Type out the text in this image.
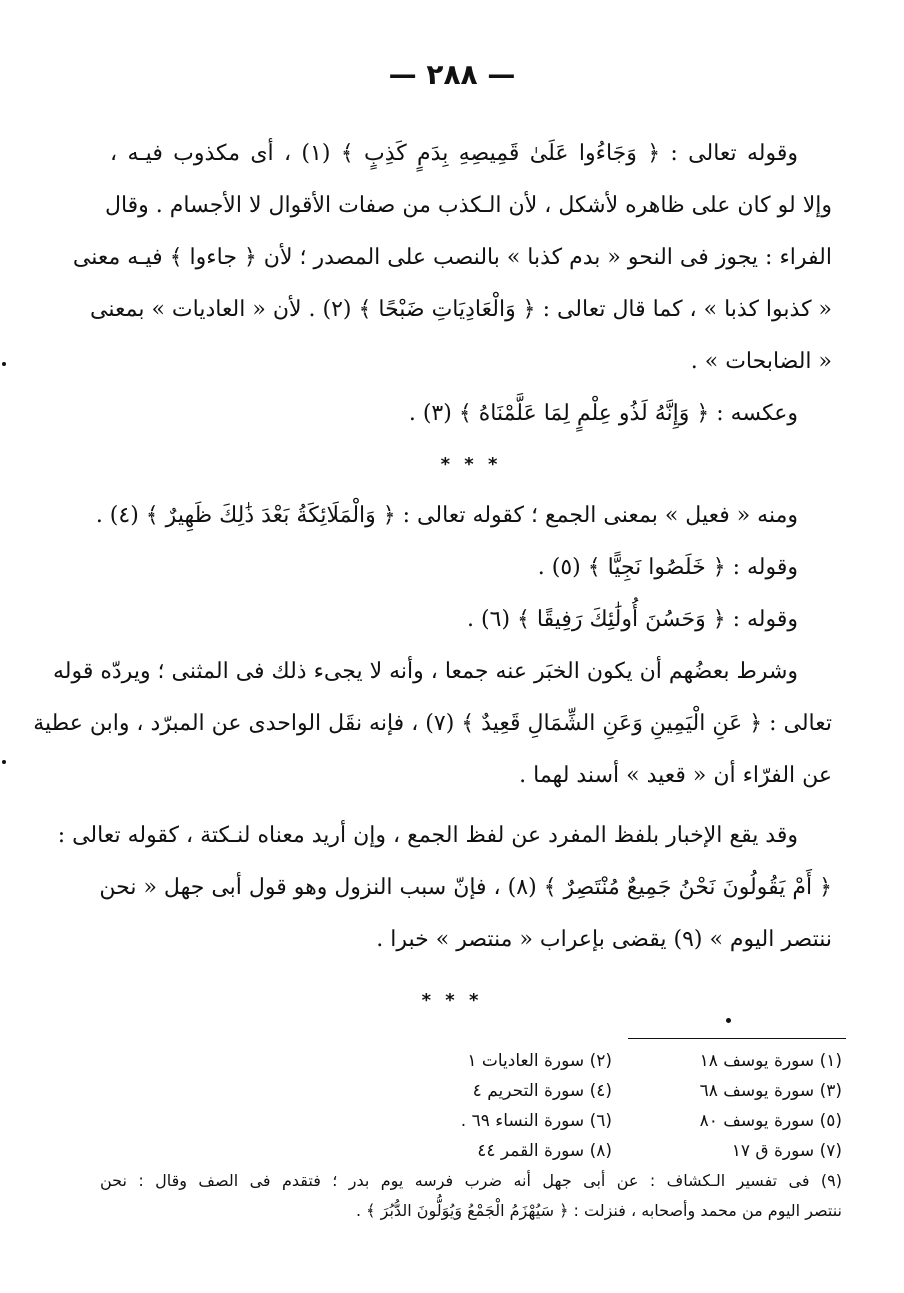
— ٢٨٨ —
وقوله تعالى : ﴿ وَجَاءُوا عَلَىٰ قَمِيصِهِ بِدَمٍ كَذِبٍ ﴾ (١) ، أى مكذوب فيـه ،
وإلا لو كان على ظاهره لأشكل ، لأن الـكذب من صفات الأقوال لا الأجسام . وقال
الفراء : يجوز فى النحو « بدم كذبا » بالنصب على المصدر ؛ لأن ﴿ جاءوا ﴾ فيـه معنى
« كذبوا كذبا » ، كما قال تعالى : ﴿ وَالْعَادِيَاتِ ضَبْحًا ﴾ (٢) . لأن « العاديات » بمعنى
« الضابحات » .
وعكسه : ﴿ وَإِنَّهُ لَذُو عِلْمٍ لِمَا عَلَّمْنَاهُ ﴾ (٣) .
* * *
ومنه « فعيل » بمعنى الجمع ؛ كقوله تعالى : ﴿ وَالْمَلَائِكَةُ بَعْدَ ذَٰلِكَ ظَهِيرٌ ﴾ (٤) .
وقوله : ﴿ خَلَصُوا نَجِيًّا ﴾ (٥) .
وقوله : ﴿ وَحَسُنَ أُولَٰئِكَ رَفِيقًا ﴾ (٦) .
وشرط بعضُهم أن يكون الخبَر عنه جمعا ، وأنه لا يجىء ذلك فى المثنى ؛ ويردّه قوله
تعالى : ﴿ عَنِ الْيَمِينِ وَعَنِ الشِّمَالِ قَعِيدٌ ﴾ (٧) ، فإنه نقَل الواحدى عن المبرّد ، وابن عطية
عن الفرّاء أن « قعيد » أسند لهما .
وقد يقع الإخبار بلفظ المفرد عن لفظ الجمع ، وإن أريد معناه لنـكتة ، كقوله تعالى :
﴿ أَمْ يَقُولُونَ نَحْنُ جَمِيعٌ مُنْتَصِرٌ ﴾ (٨) ، فإنّ سبب النزول وهو قول أبى جهل « نحن
ننتصر اليوم » (٩) يقضى بإعراب « منتصر » خبرا .
* * *
(١) سورة يوسف ١٨
(٢) سورة العاديات ١
(٣) سورة يوسف ٦٨
(٤) سورة التحريم ٤
(٥) سورة يوسف ٨٠
(٦) سورة النساء ٦٩ .
(٧) سورة ق ١٧
(٨) سورة القمر ٤٤
(٩) فى تفسير الـكشاف : عن أبى جهل أنه ضرب فرسه يوم بدر ؛ فتقدم فى الصف وقال : نحن
ننتصر اليوم من محمد وأصحابه ، فنزلت : ﴿ سَيُهْزَمُ الْجَمْعُ وَيُوَلُّونَ الدُّبُرَ ﴾ .
